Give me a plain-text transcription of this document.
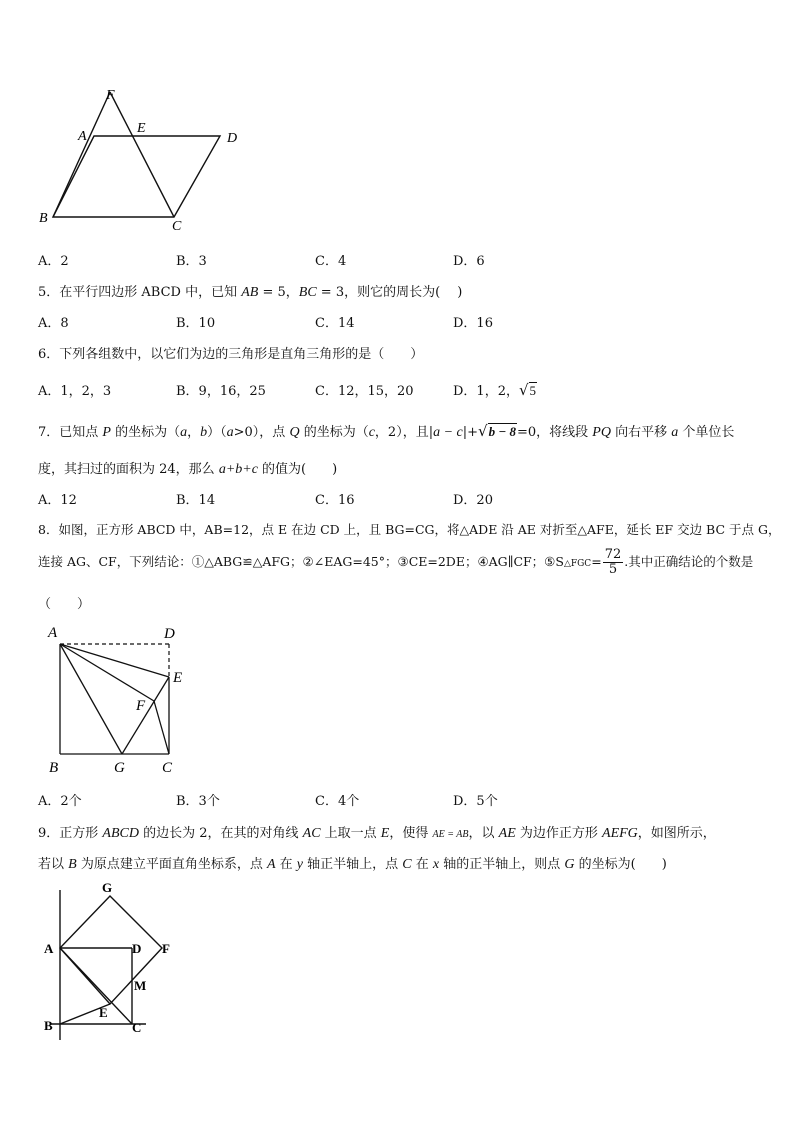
F
A
E
D
B
C
A．2	B．3	C．4	D．6
5．在平行四边形 ABCD 中，已知 AB = 5，BC = 3，则它的周长为(　 )
A．8	B．10	C．14	D．16
6．下列各组数中，以它们为边的三角形是直角三角形的是（　　）
A．1，2，3	B．9，16，25	C．12，15，20	D．1，2，√5
7．已知点 P 的坐标为（a，b）（a>0），点 Q 的坐标为（c，2），且|a − c|+√b − 8=0，将线段 PQ 向右平移 a 个单位长
度，其扫过的面积为 24，那么 a+b+c 的值为(　　)
A．12	B．14	C．16	D．20
8．如图，正方形 ABCD 中，AB=12，点 E 在边 CD 上，且 BG=CG，将△ADE 沿 AE 对折至△AFE，延长 EF 交边 BC 于点 G，
连接 AG、CF，下列结论：①△ABG≌△AFG；②∠EAG=45°；③CE=2DE；④AG∥CF；⑤S△FGC= $\frac{72}{5}$ .其中正确结论的个数是
（　　）
A	D
E
F
B	G C
A．2个	B．3个	C．4个	D．5个
9．正方形 ABCD 的边长为 2，在其的对角线 AC 上取一点 E，使得 AE = AB，以 AE 为边作正方形 AEFG，如图所示，
若以 B 为原点建立平面直角坐标系，点 A 在 y 轴正半轴上，点 C 在 x 轴的正半轴上，则点 G 的坐标为(　　)
G
A	D F
M
E
B	C
